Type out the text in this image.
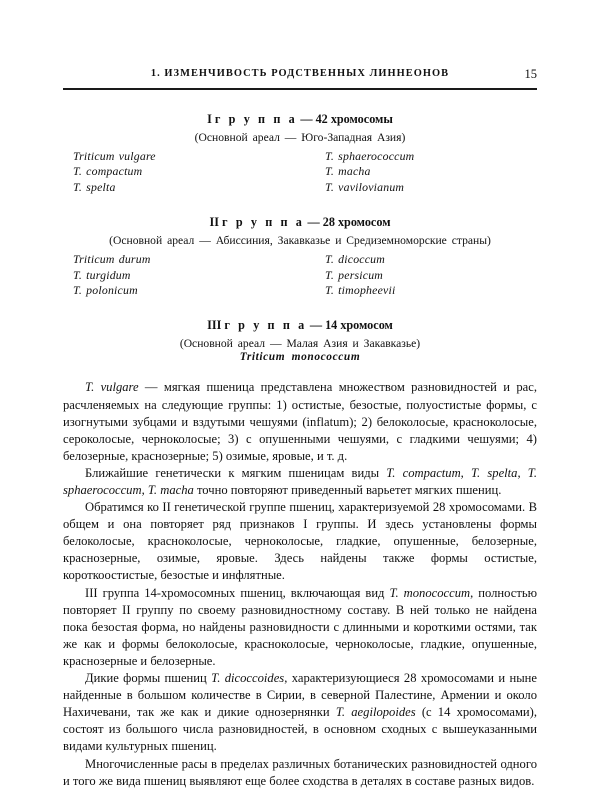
1. ИЗМЕНЧИВОСТЬ РОДСТВЕННЫХ ЛИННЕОНОВ	15
I г р у п п а — 42 хромосомы
(Основной ареал — Юго-Западная Азия)
Triticum vulgare
T. compactum
T. spelta
T. sphaerococcum
T. macha
T. vavilovianum
II г р у п п а — 28 хромосом
(Основной ареал — Абиссиния, Закавказье и Средиземноморские страны)
Triticum durum
T. turgidum
T. polonicum
T. dicoccum
T. persicum
T. timopheevii
III г р у п п а — 14 хромосом
(Основной ареал — Малая Азия и Закавказье)
Triticum monococcum

T. vulgare — мягкая пшеница представлена множеством разновидностей и рас, расчленяемых на следующие группы: 1) остистые, безостые, полуостистые формы, с изогнутыми зубцами и вздутыми чешуями (inflatum); 2) белоколосые, красноколосые, сероколосые, черноколосые; 3) с опушенными чешуями, с гладкими чешуями; 4) белозерные, краснозерные; 5) озимые, яровые, и т. д.

Ближайшие генетически к мягким пшеницам виды T. compactum, T. spelta, T. sphaerococcum, T. macha точно повторяют приведенный варьетет мягких пшениц.

Обратимся ко II генетической группе пшениц, характеризуемой 28 хромосомами. В общем и она повторяет ряд признаков I группы. И здесь установлены формы белоколосые, красноколосые, черноколосые, гладкие, опушенные, белозерные, краснозерные, озимые, яровые. Здесь найдены также формы остистые, короткоостистые, безостые и инфлятные.

III группа 14-хромосомных пшениц, включающая вид T. monococcum, полностью повторяет II группу по своему разновидностному составу. В ней только не найдена пока безостая форма, но найдены разновидности с длинными и короткими остями, так же как и формы белоколосые, красноколосые, черноколосые, гладкие, опушенные, краснозерные и белозерные.

Дикие формы пшениц T. dicoccoides, характеризующиеся 28 хромосомами и ныне найденные в большом количестве в Сирии, в северной Палестине, Армении и около Нахичевани, так же как и дикие однозернянки T. aegilopoides (с 14 хромосомами), состоят из большого числа разновидностей, в основном сходных с вышеуказанными видами культурных пшениц.

Многочисленные расы в пределах различных ботанических разновидностей одного и того же вида пшениц выявляют еще более сходства в деталях в составе разных видов.
